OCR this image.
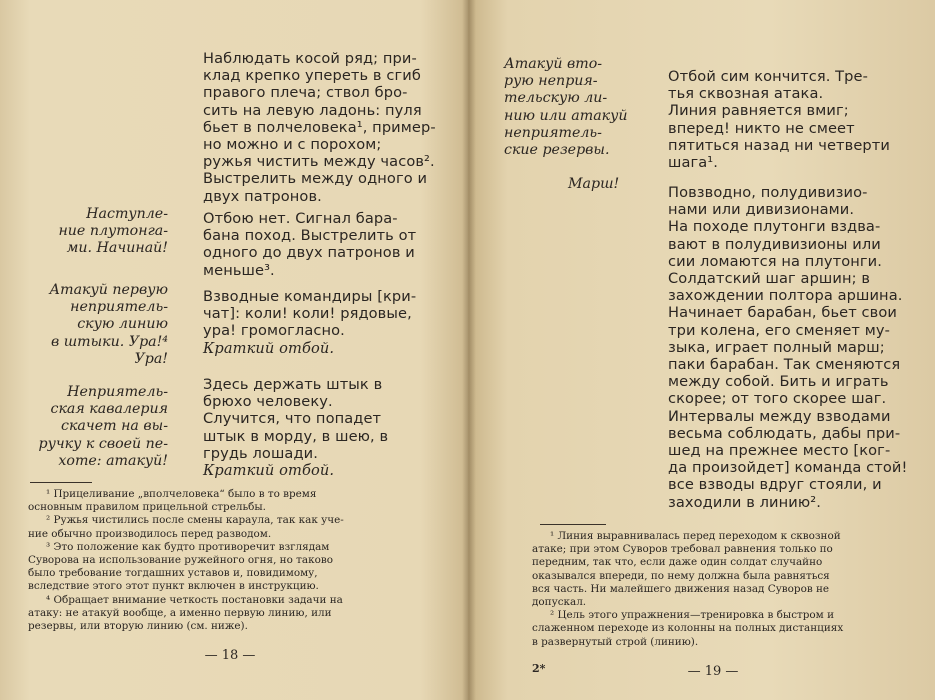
Наблюдать косой ряд; при-
клад крепко уперeть в сгиб
правого плеча; ствол бро-
сить на левую ладонь: пуля
бьет в полчеловека¹, пример-
но можно и с порохом;
ружья чистить между часов².
Выстрелить между одного и
двух патронов.
Отбою нет. Сигнал бара-
бана поход. Выстрелить от
одного до двух патронов и
меньше³.
Взводные командиры [кри-
чат]: коли! коли! рядовые,
ура! громогласно.
Краткий отбой.
Здесь держать штык в
брюхо человеку.
Случится, что попадет
штык в морду, в шею, в
грудь лошади.
Краткий отбой.
Наступле-
ние плутонга-
ми. Начинай!
Атакуй первую
неприятель-
скую линию
в штыки. Ура!⁴
Ура!
Неприятель-
ская кавалерия
скачет на вы-
ручку к своей пе-
хоте: атакуй!
¹ Прицеливание „вполчеловека“ было в то время
основным правилом прицельной стрельбы.
² Ружья чистились после смены караула, так как уче-
ние обычно производилось перед разводом.
³ Это положение как будто противоречит взглядам
Суворова на использование ружейного огня, но таково
было требование тогдашних уставов и, повидимому,
вследствие этого этот пункт включен в инструкцию.
⁴ Обращает внимание четкость постановки задачи на
атаку: не атакуй вообще, а именно первую линию, или
резервы, или вторую линию (см. ниже).
— 18 —
Атакуй вто-
рую неприя-
тельскую ли-
нию или атакуй
неприятель-
ские резервы.
Марш!
Отбой сим кончится. Тре-
тья сквозная атака.
Линия равняется вмиг;
вперед! никто не смеет
пятиться назад ни четверти
шага¹.
Повзводно, полудивизио-
нами или дивизионами.
На походе плутонги вздва-
вают в полудивизионы или
сии ломаются на плутонги.
Солдатский шаг аршин; в
захождении полтора аршина.
Начинает барабан, бьет свои
три колена, его сменяет му-
зыка, играет полный марш;
паки барабан. Так сменяются
между собой. Бить и играть
скорее; от того скорее шаг.
Интервалы между взводами
весьма соблюдать, дабы при-
шед на прежнее место [ког-
да произойдет] команда стой!
все взводы вдруг стояли, и
заходили в линию².
¹ Линия выравнивалась перед переходом к сквозной
атаке; при этом Суворов требовал равнения только по
передним, так что, если даже один солдат случайно
оказывался впереди, по нему должна была равняться
вся часть. Ни малейшего движения назад Суворов не
допускал.
² Цель этого упражнения—тренировка в быстром и
слаженном переходе из колонны на полных дистанциях
в развернутый строй (линию).
2*	— 19 —
